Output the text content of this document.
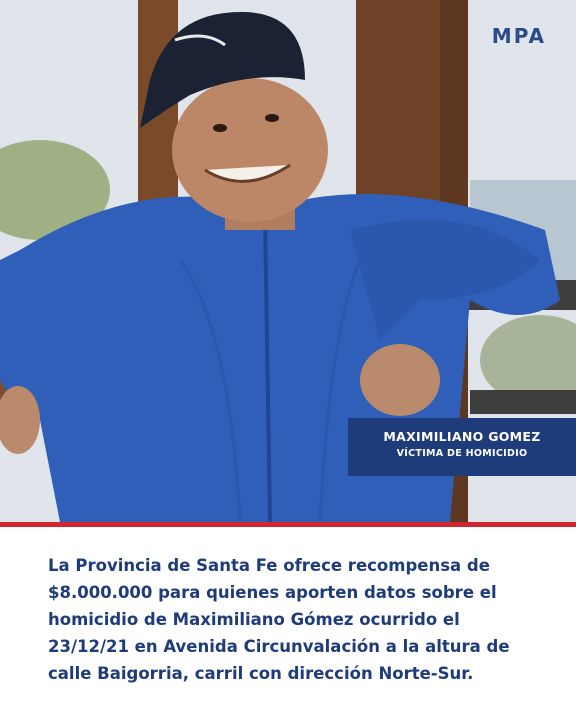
MPA
MAXIMILIANO GOMEZ
VÍCTIMA DE HOMICIDIO
La Provincia de Santa Fe ofrece recompensa de $8.000.000 para quienes aporten datos sobre el homicidio de Maximiliano Gómez ocurrido el 23/12/21 en Avenida Circunvalación a la altura de calle Baigorria, carril con dirección Norte-Sur.
